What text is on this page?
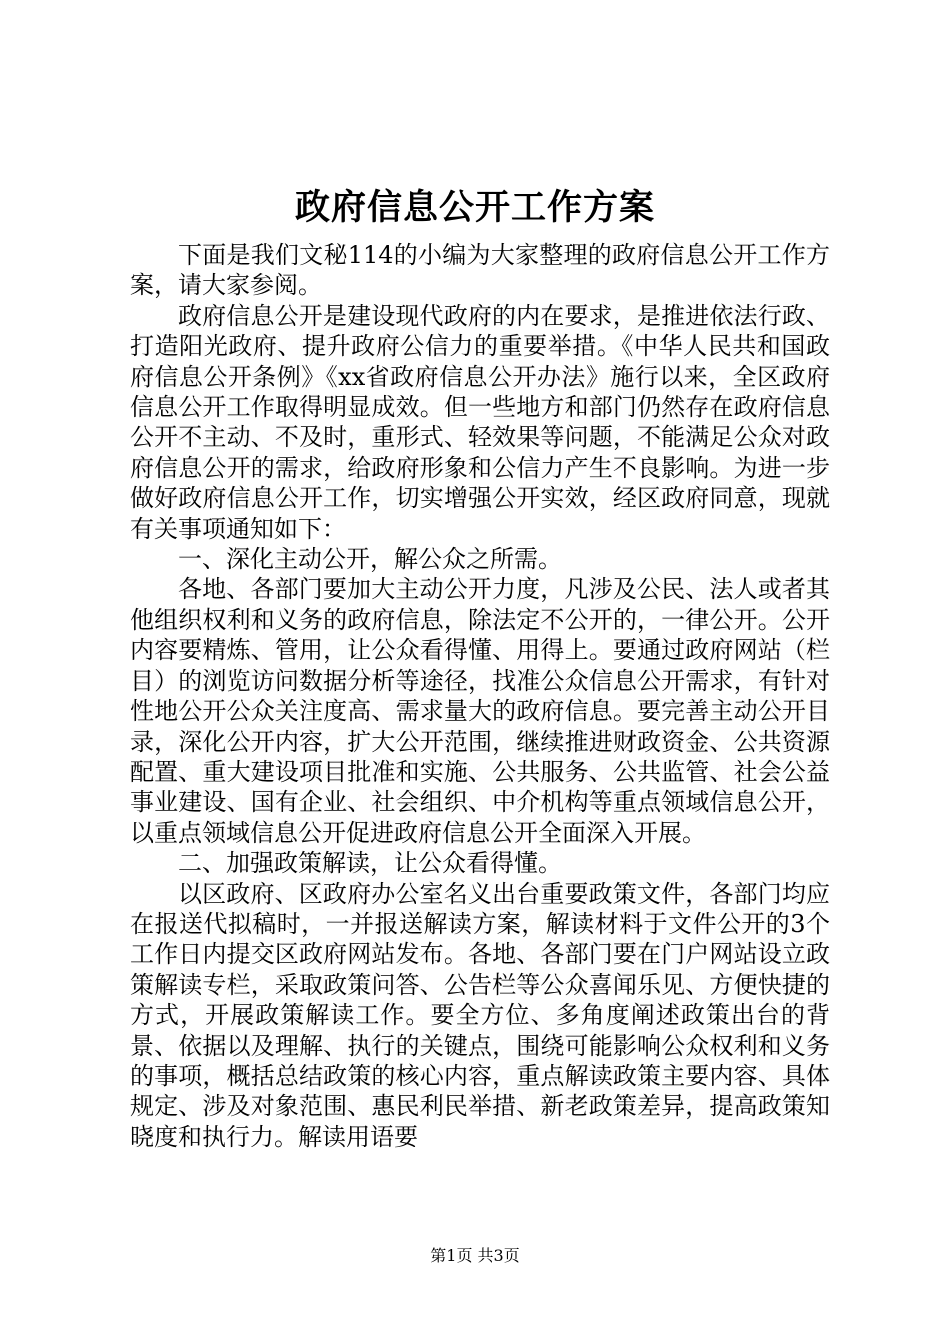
政府信息公开工作方案

下面是我们文秘114的小编为大家整理的政府信息公开工作方案，请大家参阅。

政府信息公开是建设现代政府的内在要求，是推进依法行政、打造阳光政府、提升政府公信力的重要举措。《中华人民共和国政府信息公开条例》《xx省政府信息公开办法》施行以来，全区政府信息公开工作取得明显成效。但一些地方和部门仍然存在政府信息公开不主动、不及时，重形式、轻效果等问题，不能满足公众对政府信息公开的需求，给政府形象和公信力产生不良影响。为进一步做好政府信息公开工作，切实增强公开实效，经区政府同意，现就有关事项通知如下：

一、深化主动公开，解公众之所需。

各地、各部门要加大主动公开力度，凡涉及公民、法人或者其他组织权利和义务的政府信息，除法定不公开的，一律公开。公开内容要精炼、管用，让公众看得懂、用得上。要通过政府网站（栏目）的浏览访问数据分析等途径，找准公众信息公开需求，有针对性地公开公众关注度高、需求量大的政府信息。要完善主动公开目录，深化公开内容，扩大公开范围，继续推进财政资金、公共资源配置、重大建设项目批准和实施、公共服务、公共监管、社会公益事业建设、国有企业、社会组织、中介机构等重点领域信息公开，以重点领域信息公开促进政府信息公开全面深入开展。

二、加强政策解读，让公众看得懂。

以区政府、区政府办公室名义出台重要政策文件，各部门均应在报送代拟稿时，一并报送解读方案，解读材料于文件公开的3个工作日内提交区政府网站发布。各地、各部门要在门户网站设立政策解读专栏，采取政策问答、公告栏等公众喜闻乐见、方便快捷的方式，开展政策解读工作。要全方位、多角度阐述政策出台的背景、依据以及理解、执行的关键点，围绕可能影响公众权利和义务的事项，概括总结政策的核心内容，重点解读政策主要内容、具体规定、涉及对象范围、惠民利民举措、新老政策差异，提高政策知晓度和执行力。解读用语要

第1页 共3页
